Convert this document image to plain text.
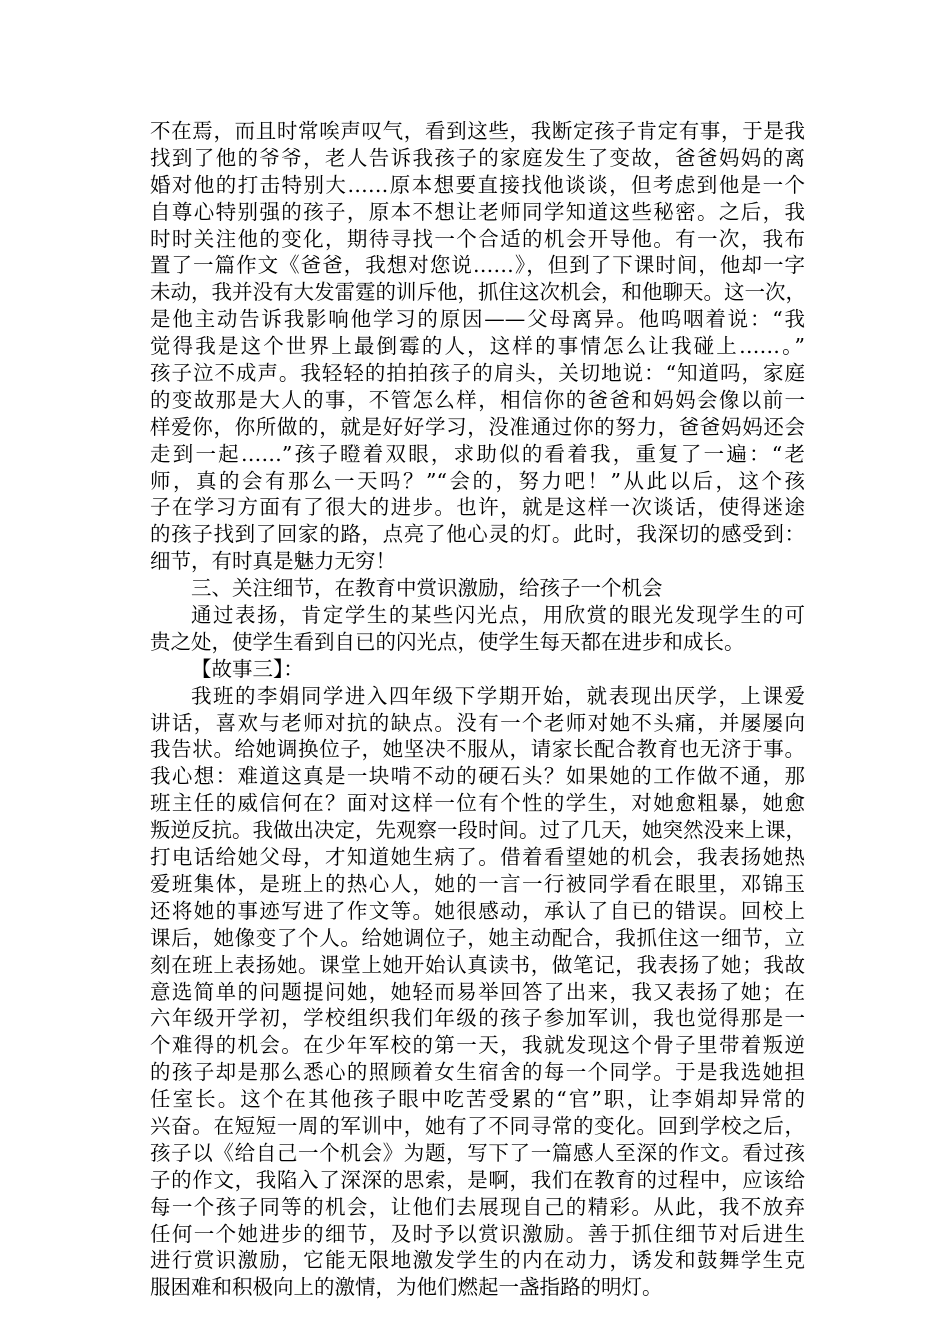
不在焉，而且时常唉声叹气，看到这些，我断定孩子肯定有事，于是我
找到了他的爷爷，老人告诉我孩子的家庭发生了变故，爸爸妈妈的离
婚对他的打击特别大……原本想要直接找他谈谈，但考虑到他是一个
自尊心特别强的孩子，原本不想让老师同学知道这些秘密。之后，我
时时关注他的变化，期待寻找一个合适的机会开导他。有一次，我布
置了一篇作文《爸爸，我想对您说……》，但到了下课时间，他却一字
未动，我并没有大发雷霆的训斥他，抓住这次机会，和他聊天。这一次，
是他主动告诉我影响他学习的原因——父母离异。他呜咽着说：“我
觉得我是这个世界上最倒霉的人，这样的事情怎么让我碰上……。”
孩子泣不成声。我轻轻的拍拍孩子的肩头，关切地说：“知道吗，家庭
的变故那是大人的事，不管怎么样，相信你的爸爸和妈妈会像以前一
样爱你，你所做的，就是好好学习，没准通过你的努力，爸爸妈妈还会
走到一起……”孩子瞪着双眼，求助似的看着我，重复了一遍：“老
师，真的会有那么一天吗？”“会的，努力吧！”从此以后，这个孩
子在学习方面有了很大的进步。也许，就是这样一次谈话，使得迷途
的孩子找到了回家的路，点亮了他心灵的灯。此时，我深切的感受到：
细节，有时真是魅力无穷！
三、关注细节，在教育中赏识激励，给孩子一个机会
通过表扬，肯定学生的某些闪光点，用欣赏的眼光发现学生的可
贵之处，使学生看到自已的闪光点，使学生每天都在进步和成长。
【故事三】：
我班的李娟同学进入四年级下学期开始，就表现出厌学，上课爱
讲话，喜欢与老师对抗的缺点。没有一个老师对她不头痛，并屡屡向
我告状。给她调换位子，她坚决不服从，请家长配合教育也无济于事。
我心想：难道这真是一块啃不动的硬石头？如果她的工作做不通，那
班主任的威信何在？面对这样一位有个性的学生，对她愈粗暴，她愈
叛逆反抗。我做出决定，先观察一段时间。过了几天，她突然没来上课，
打电话给她父母，才知道她生病了。借着看望她的机会，我表扬她热
爱班集体，是班上的热心人，她的一言一行被同学看在眼里，邓锦玉
还将她的事迹写进了作文等。她很感动，承认了自已的错误。回校上
课后，她像变了个人。给她调位子，她主动配合，我抓住这一细节，立
刻在班上表扬她。课堂上她开始认真读书，做笔记，我表扬了她；我故
意选简单的问题提问她，她轻而易举回答了出来，我又表扬了她；在
六年级开学初，学校组织我们年级的孩子参加军训，我也觉得那是一
个难得的机会。在少年军校的第一天，我就发现这个骨子里带着叛逆
的孩子却是那么悉心的照顾着女生宿舍的每一个同学。于是我选她担
任室长。这个在其他孩子眼中吃苦受累的“官”职，让李娟却异常的
兴奋。在短短一周的军训中，她有了不同寻常的变化。回到学校之后，
孩子以《给自己一个机会》为题，写下了一篇感人至深的作文。看过孩
子的作文，我陷入了深深的思索，是啊，我们在教育的过程中，应该给
每一个孩子同等的机会，让他们去展现自己的精彩。从此，我不放弃
任何一个她进步的细节，及时予以赏识激励。善于抓住细节对后进生
进行赏识激励，它能无限地激发学生的内在动力，诱发和鼓舞学生克
服困难和积极向上的激情，为他们燃起一盏指路的明灯。
